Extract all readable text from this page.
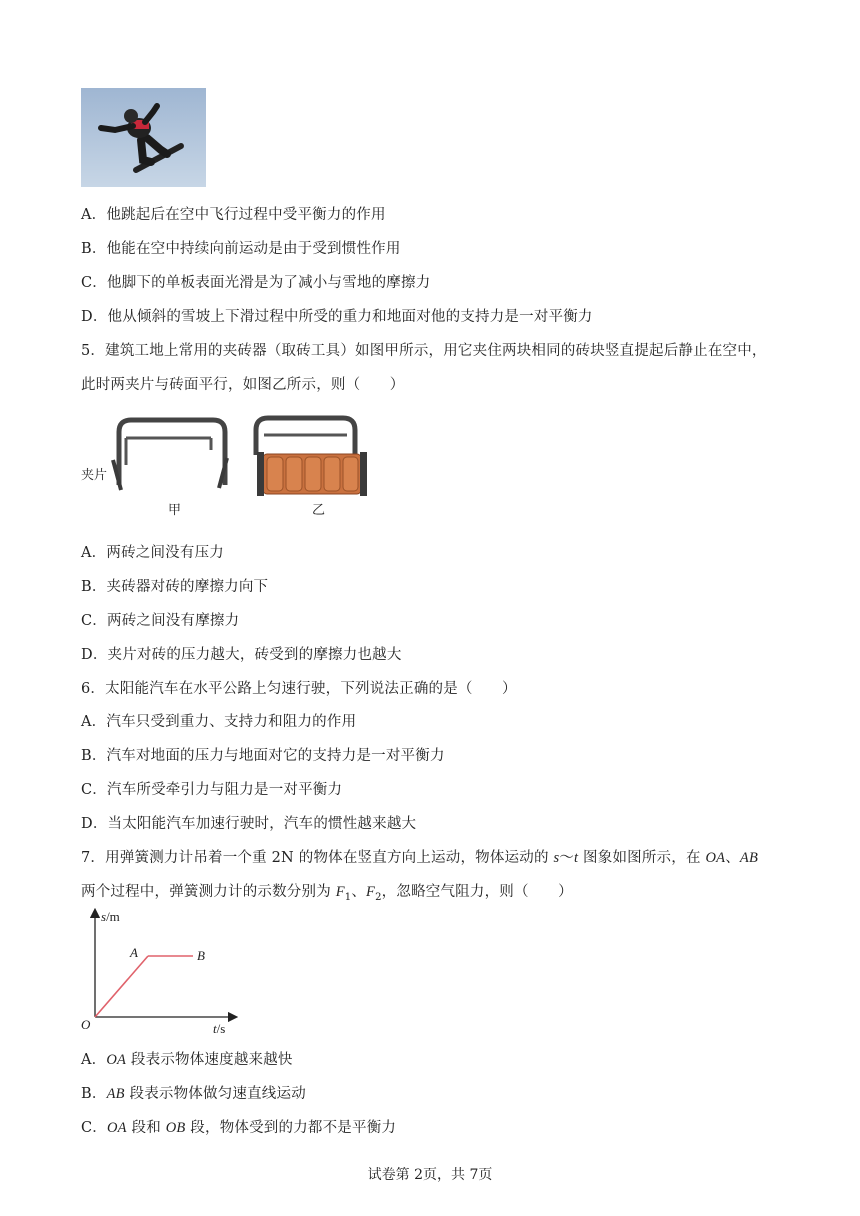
A．他跳起后在空中飞行过程中受平衡力的作用
B．他能在空中持续向前运动是由于受到惯性作用
C．他脚下的单板表面光滑是为了减小与雪地的摩擦力
D．他从倾斜的雪坡上下滑过程中所受的重力和地面对他的支持力是一对平衡力
5．建筑工地上常用的夹砖器（取砖工具）如图甲所示，用它夹住两块相同的砖块竖直提起后静止在空中，
此时两夹片与砖面平行，如图乙所示，则（　　）
夹片
甲	乙
A．两砖之间没有压力
B．夹砖器对砖的摩擦力向下
C．两砖之间没有摩擦力
D．夹片对砖的压力越大，砖受到的摩擦力也越大
6．太阳能汽车在水平公路上匀速行驶，下列说法正确的是（　　）
A．汽车只受到重力、支持力和阻力的作用
B．汽车对地面的压力与地面对它的支持力是一对平衡力
C．汽车所受牵引力与阻力是一对平衡力
D．当太阳能汽车加速行驶时，汽车的惯性越来越大
7．用弹簧测力计吊着一个重 2N 的物体在竖直方向上运动，物体运动的 s～t 图象如图所示，在 OA、AB
两个过程中，弹簧测力计的示数分别为 $F_1$、$F_2$，忽略空气阻力，则（　　）
s/m
t/s
O
A	B
A．OA 段表示物体速度越来越快
B．AB 段表示物体做匀速直线运动
C．OA 段和 OB 段，物体受到的力都不是平衡力
试卷第 2页，共 7页
